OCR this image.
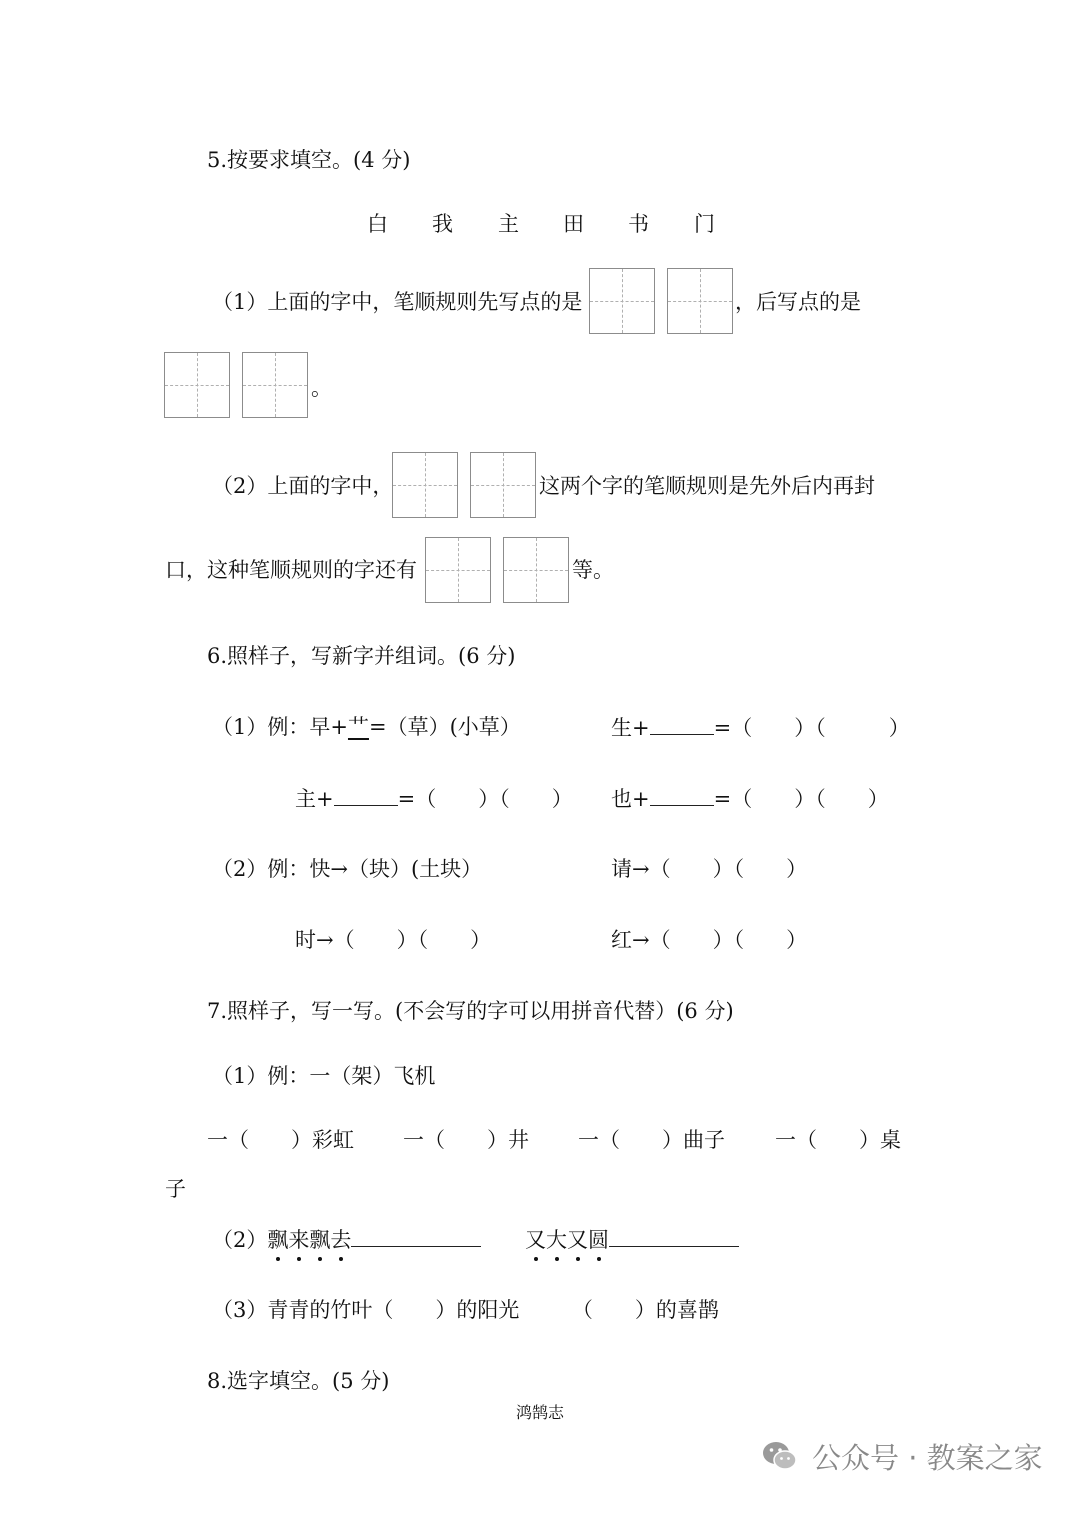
5.按要求填空。(4 分)
白 我 主 田 书 门
（1）上面的字中，笔顺规则先写点的是	，后写点的是
。
（2）上面的字中，	这两个字的笔顺规则是先外后内再封
口，这种笔顺规则的字还有	等。
6.照样子，写新字并组词。(6 分)
（1）例：早+艹=（草）(小草）	生+	=（　　）（　　　）
主+	=（　　）（　　） 也+	=（　　）（　　）
（2）例：快→（块）(土块）	请→（　　）（　　）
时→（　　）（　　）	红→（　　）（　　）
7.照样子，写一写。(不会写的字可以用拼音代替）(6 分)
（1）例：一（架）飞机
一（　　）彩虹 一（　　）井 一（　　）曲子 一（　　）桌
子
（2）飘来飘去	又大又圆
（3）青青的竹叶（　　）的阳光　　　（　　）的喜鹊
8.选字填空。(5 分)
鸿鹄志
公众号 · 教案之家
